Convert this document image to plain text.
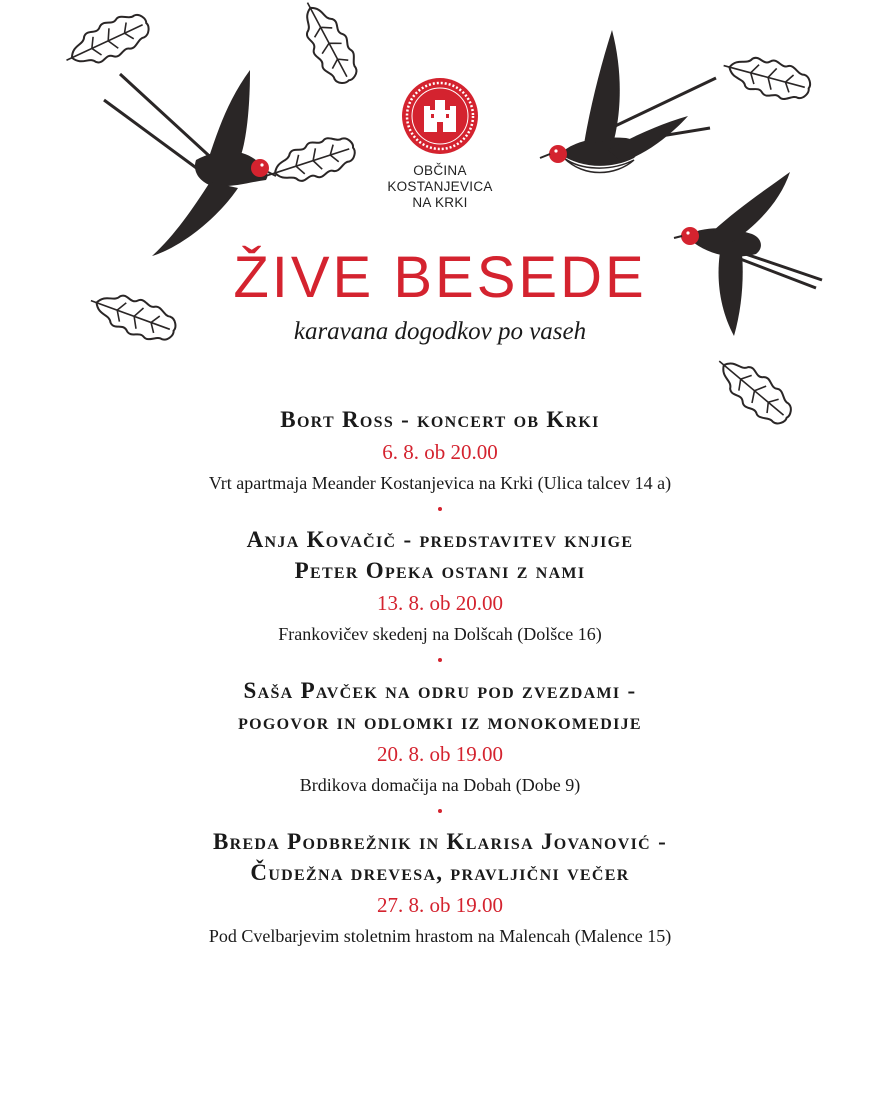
OBČINA
KOSTANJEVICA
NA KRKI
ŽIVE BESEDE

karavana dogodkov po vaseh

Bort Ross - koncert ob Krki

6. 8. ob 20.00

Vrt apartmaja Meander Kostanjevica na Krki (Ulica talcev 14 a)

Anja Kovačič - predstavitev knjige

Peter Opeka ostani z nami

13. 8. ob 20.00

Frankovičev skedenj na Dolšcah (Dolšce 16)

Saša Pavček na odru pod zvezdami -

pogovor in odlomki iz monokomedije

20. 8. ob 19.00

Brdikova domačija na Dobah (Dobe 9)

Breda Podbrežnik in Klarisa Jovanović -

Čudežna drevesa, pravljični večer

27. 8. ob 19.00

Pod Cvelbarjevim stoletnim hrastom na Malencah (Malence 15)
